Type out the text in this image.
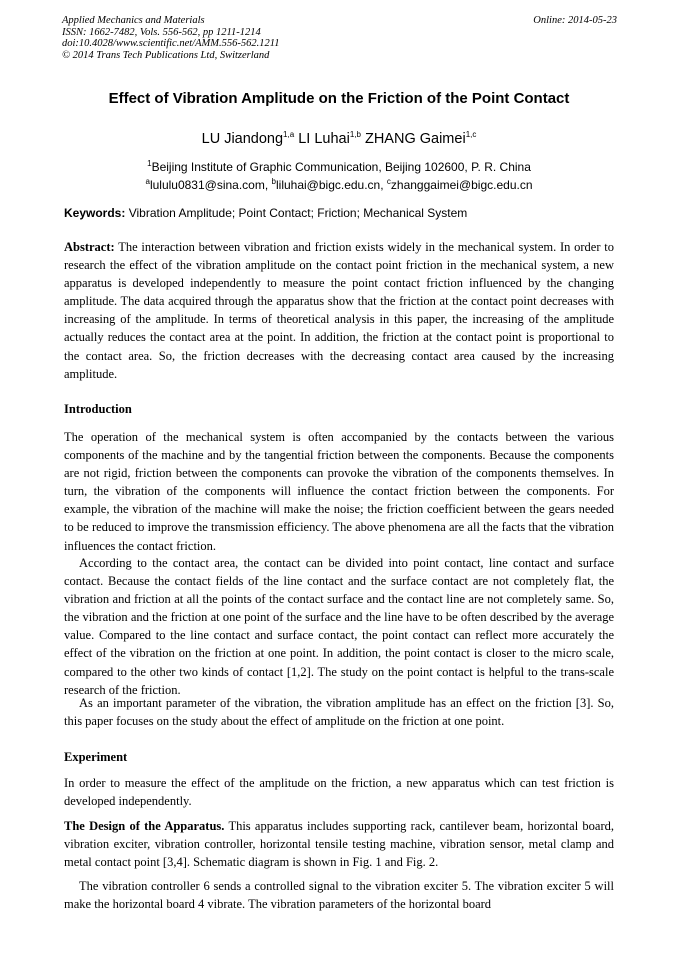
Applied Mechanics and Materials
ISSN: 1662-7482, Vols. 556-562, pp 1211-1214
doi:10.4028/www.scientific.net/AMM.556-562.1211
© 2014 Trans Tech Publications Ltd, Switzerland
Online: 2014-05-23
Effect of Vibration Amplitude on the Friction of the Point Contact
LU Jiandong$^{1,a}$ LI Luhai$^{1,b}$ ZHANG Gaimei$^{1,c}$
$^1$Beijing Institute of Graphic Communication, Beijing 102600, P. R. China
$^a$lululu0831@sina.com, $^b$liluhai@bigc.edu.cn, $^c$zhanggaimei@bigc.edu.cn
Keywords: Vibration Amplitude; Point Contact; Friction; Mechanical System

Abstract: The interaction between vibration and friction exists widely in the mechanical system. In order to research the effect of the vibration amplitude on the contact point friction in the mechanical system, a new apparatus is developed independently to measure the point contact friction influenced by the changing amplitude. The data acquired through the apparatus show that the friction at the contact point decreases with increasing of the amplitude. In terms of theoretical analysis in this paper, the increasing of the amplitude actually reduces the contact area at the point. In addition, the friction at the contact point is proportional to the contact area. So, the friction decreases with the decreasing contact area caused by the increasing amplitude.

Introduction

The operation of the mechanical system is often accompanied by the contacts between the various components of the machine and by the tangential friction between the components. Because the components are not rigid, friction between the components can provoke the vibration of the components themselves. In turn, the vibration of the components will influence the contact friction between the components. For example, the vibration of the machine will make the noise; the friction coefficient between the gears needed to be reduced to improve the transmission efficiency. The above phenomena are all the facts that the vibration influences the contact friction.

According to the contact area, the contact can be divided into point contact, line contact and surface contact. Because the contact fields of the line contact and the surface contact are not completely flat, the vibration and friction at all the points of the contact surface and the contact line are not completely same. So, the vibration and the friction at one point of the surface and the line have to be often described by the average value. Compared to the line contact and surface contact, the point contact can reflect more accurately the effect of the vibration on the friction at one point. In addition, the point contact is closer to the micro scale, compared to the other two kinds of contact [1,2]. The study on the point contact is helpful to the trans-scale research of the friction.

As an important parameter of the vibration, the vibration amplitude has an effect on the friction [3]. So, this paper focuses on the study about the effect of amplitude on the friction at one point.

Experiment

In order to measure the effect of the amplitude on the friction, a new apparatus which can test friction is developed independently.

The Design of the Apparatus. This apparatus includes supporting rack, cantilever beam, horizontal board, vibration exciter, vibration controller, horizontal tensile testing machine, vibration sensor, metal clamp and metal contact point [3,4]. Schematic diagram is shown in Fig. 1 and Fig. 2.

The vibration controller 6 sends a controlled signal to the vibration exciter 5. The vibration exciter 5 will make the horizontal board 4 vibrate. The vibration parameters of the horizontal board
